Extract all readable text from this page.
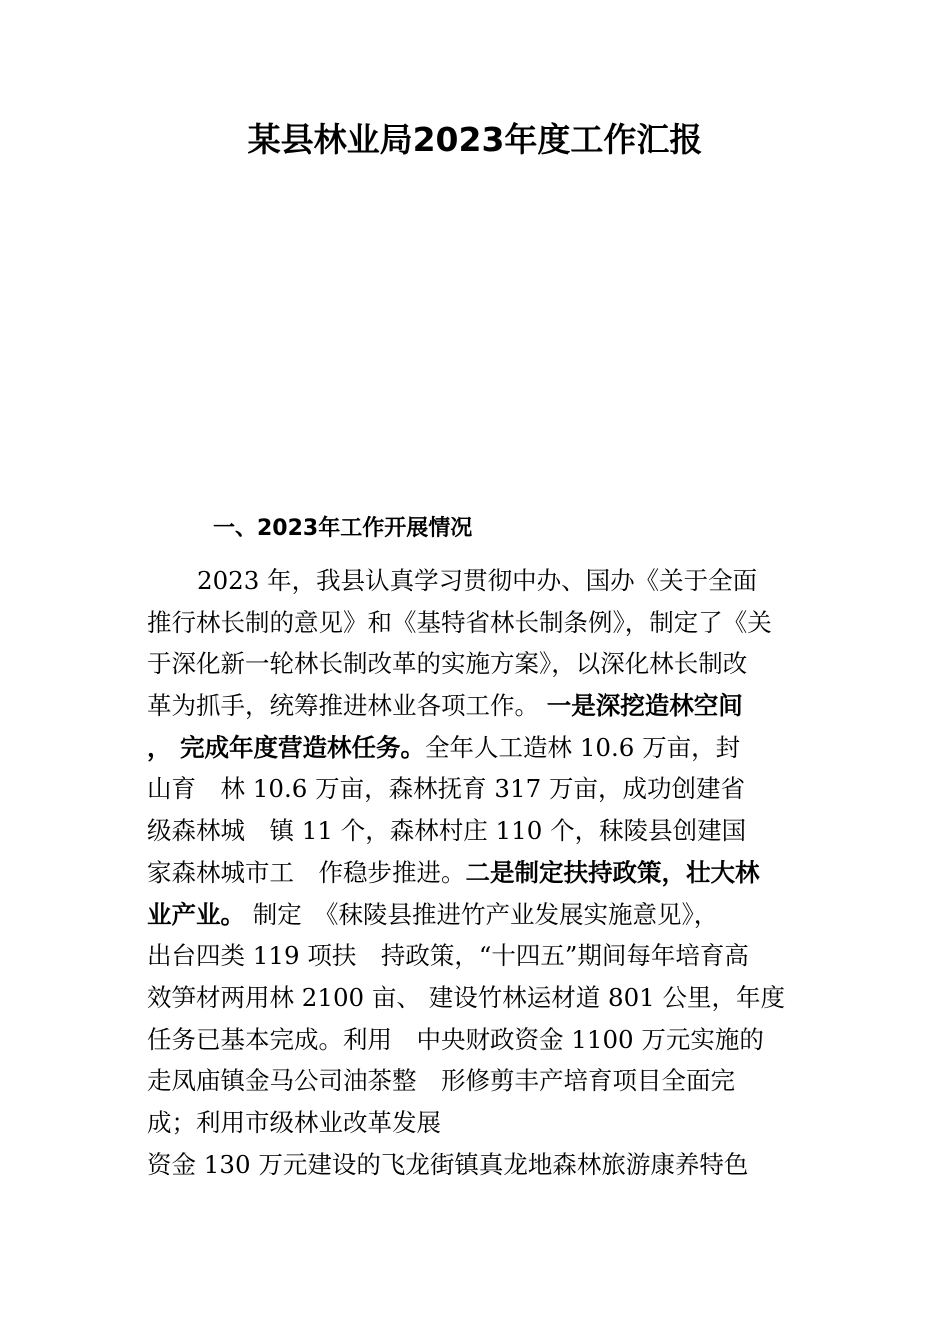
某县林业局2023年度工作汇报
一、2023年工作开展情况
2023 年，我县认真学习贯彻中办、国办《关于全面
推行林长制的意见》和《基特省林长制条例》，制定了《关
于深化新一轮林长制改革的实施方案》，以深化林长制改
革为抓手，统筹推进林业各项工作。 一是深挖造林空间
， 完成年度营造林任务。全年人工造林 10.6 万亩，封
山育　林 10.6 万亩，森林抚育 317 万亩，成功创建省
级森林城　镇 11 个，森林村庄 110 个，秣陵县创建国
家森林城市工　作稳步推进。二是制定扶持政策，壮大林
业产业。 制定　《秣陵县推进竹产业发展实施意见》，
出台四类 119 项扶　持政策，“十四五”期间每年培育高
效笋材两用林 2100 亩、 建设竹林运材道 801 公里，年度
任务已基本完成。利用　中央财政资金 1100 万元实施的
走凤庙镇金马公司油茶整　形修剪丰产培育项目全面完
成；利用市级林业改革发展
资金 130 万元建设的飞龙街镇真龙地森林旅游康养特色
